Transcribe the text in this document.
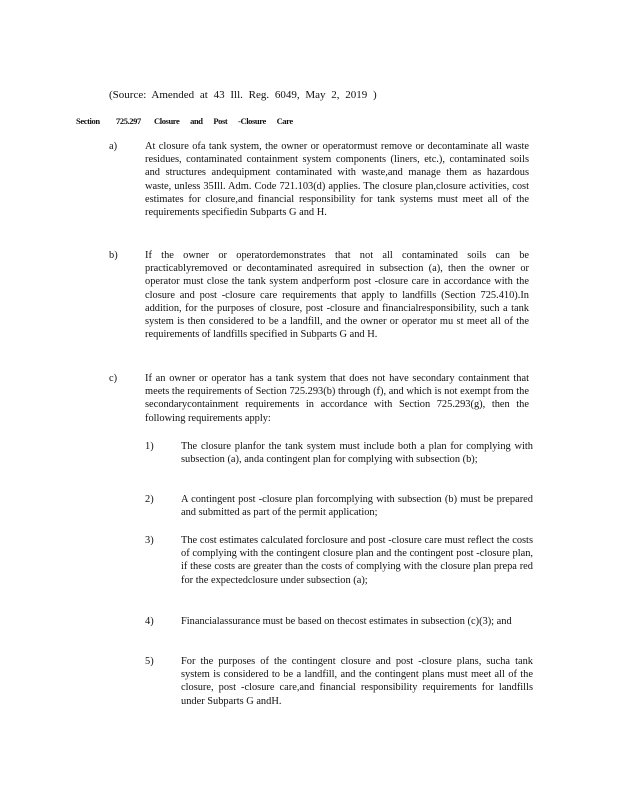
(Source: Amended at 43 Ill. Reg. 6049, May 2, 2019 )
Section 725.297 Closure and Post -Closure Care
a)	At closure ofa tank system, the owner or operatormust remove or decontaminate all waste residues, contaminated containment system components (liners, etc.), contaminated soils and structures andequipment contaminated with waste,and manage them as hazardous waste, unless 35Ill. Adm. Code 721.103(d) applies. The closure plan,closure activities, cost estimates for closure,and financial responsibility for tank systems must meet all of the requirements specifiedin Subparts G and H.
b)	If the owner or operatordemonstrates that not all contaminated soils can be practicablyremoved or decontaminated asrequired in subsection (a), then the owner or operator must close the tank system andperform post -closure care in accordance with the closure and post -closure care requirements that apply to landfills (Section 725.410).In addition, for the purposes of closure, post -closure and financialresponsibility, such a tank system is then considered to be a landfill, and the owner or operator mu st meet all of the requirements of landfills specified in Subparts G and H.
c)	If an owner or operator has a tank system that does not have secondary containment that meets the requirements of Section 725.293(b) through (f), and which is not exempt from the secondarycontainment requirements in accordance with Section 725.293(g), then the following requirements apply:
1)	The closure planfor the tank system must include both a plan for complying with subsection (a), anda contingent plan for complying with subsection (b);
2)	A contingent post -closure plan forcomplying with subsection (b) must be prepared and submitted as part of the permit application;
3)	The cost estimates calculated forclosure and post -closure care must reflect the costs of complying with the contingent closure plan and the contingent post -closure plan, if these costs are greater than the costs of complying with the closure plan prepa red for the expectedclosure under subsection (a);
4)	Financialassurance must be based on thecost estimates in subsection (c)(3); and
5)	For the purposes of the contingent closure and post -closure plans, sucha tank system is considered to be a landfill, and the contingent plans must meet all of the closure, post -closure care,and financial responsibility requirements for landfills under Subparts G andH.
